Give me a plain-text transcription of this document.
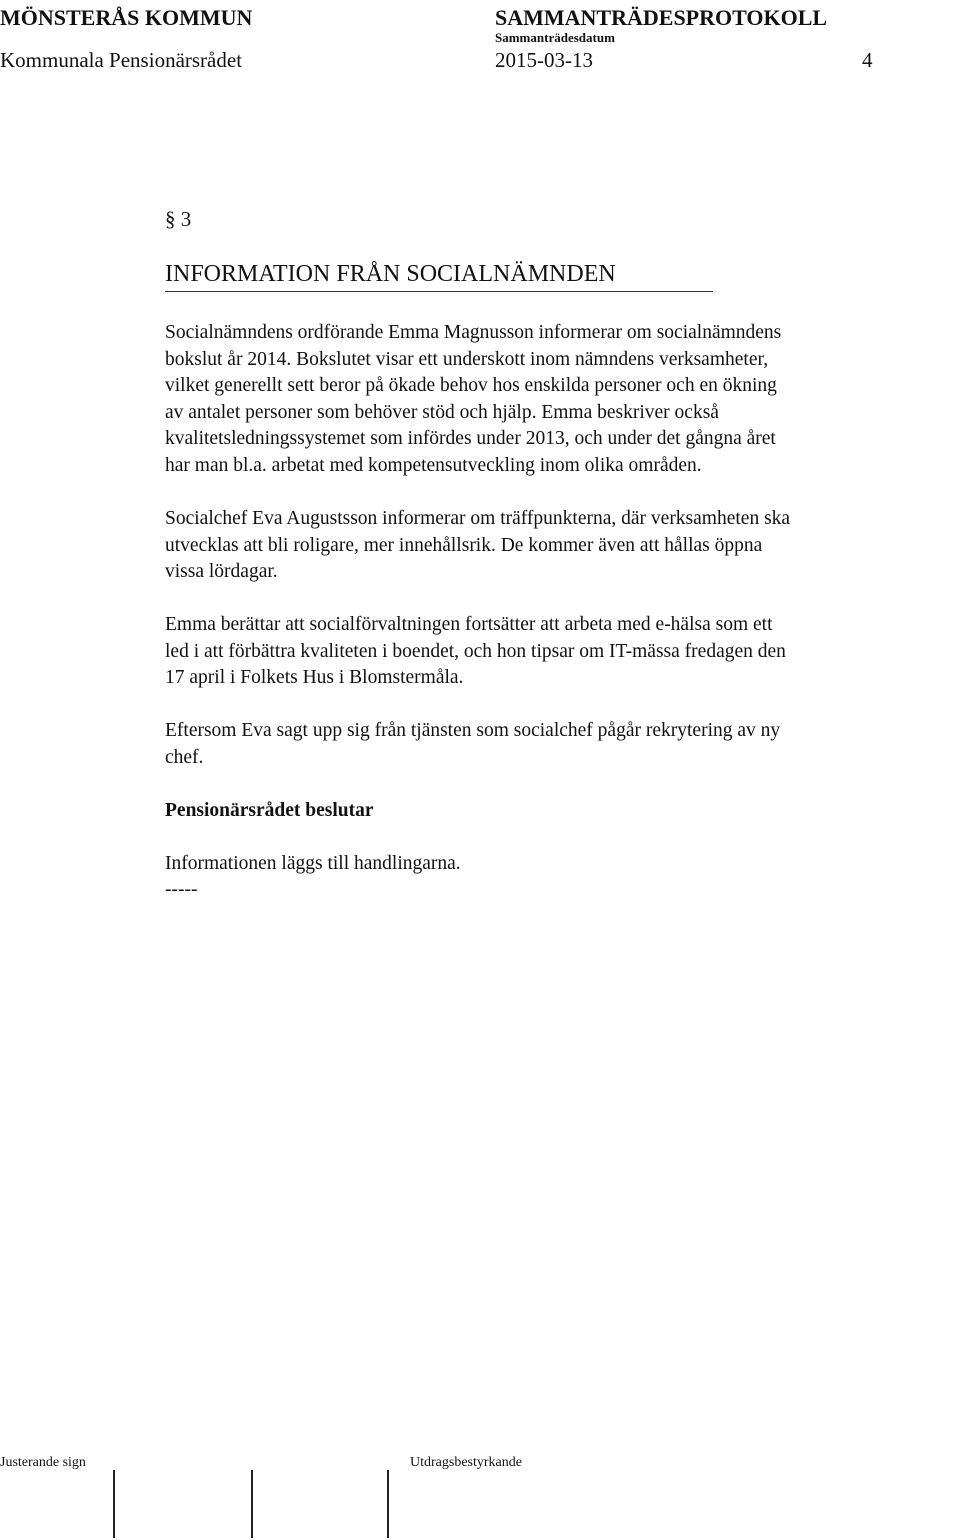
MÖNSTERÅS KOMMUN	SAMMANTRÄDESPROTOKOLL
Sammanträdesdatum
Kommunala Pensionärsrådet	2015-03-13	4
§ 3
INFORMATION FRÅN SOCIALNÄMNDEN

Socialnämndens ordförande Emma Magnusson informerar om socialnämndens

bokslut år 2014. Bokslutet visar ett underskott inom nämndens verksamheter,

vilket generellt sett beror på ökade behov hos enskilda personer och en ökning

av antalet personer som behöver stöd och hjälp. Emma beskriver också

kvalitetsledningssystemet som infördes under 2013, och under det gångna året

har man bl.a. arbetat med kompetensutveckling inom olika områden.

Socialchef Eva Augustsson informerar om träffpunkterna, där verksamheten ska

utvecklas att bli roligare, mer innehållsrik. De kommer även att hållas öppna

vissa lördagar.

Emma berättar att socialförvaltningen fortsätter att arbeta med e-hälsa som ett

led i att förbättra kvaliteten i boendet, och hon tipsar om IT-mässa fredagen den

17 april i Folkets Hus i Blomstermåla.

Eftersom Eva sagt upp sig från tjänsten som socialchef pågår rekrytering av ny

chef.

Pensionärsrådet beslutar
Informationen läggs till handlingarna.
-----
Justerande sign	Utdragsbestyrkande
